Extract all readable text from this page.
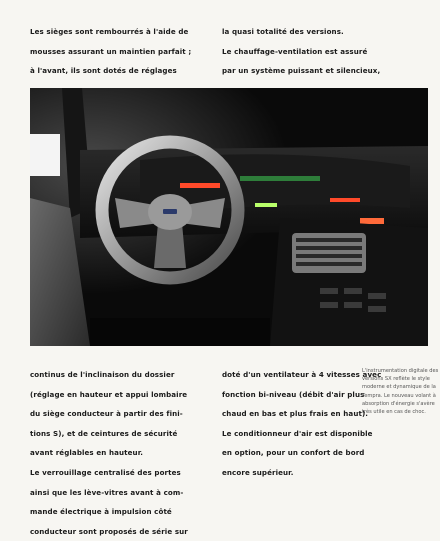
Les sièges sont rembourrés à l'aide de
mousses assurant un maintien parfait ;
à l'avant, ils sont dotés de réglages
la quasi totalité des versions.
Le chauffage-ventilation est assuré
par un système puissant et silencieux,
continus de l'inclinaison du dossier
(réglage en hauteur et appui lombaire
du siège conducteur à partir des fini-
tions S), et de ceintures de sécurité
avant réglables en hauteur.
Le verrouillage centralisé des portes
ainsi que les lève-vitres avant à com-
mande électrique à impulsion côté
conducteur sont proposés de série sur
doté d'un ventilateur à 4 vitesses avec
fonction bi-niveau (débit d'air plus
chaud en bas et plus frais en haut).
Le conditionneur d'air est disponible
en option, pour un confort de bord
encore supérieur.
L'instrumentation digitale des
versions SX reflète le style
moderne et dynamique de la
Tempra. Le nouveau volant à
absorption d'énergie s'avère
très utile en cas de choc.
